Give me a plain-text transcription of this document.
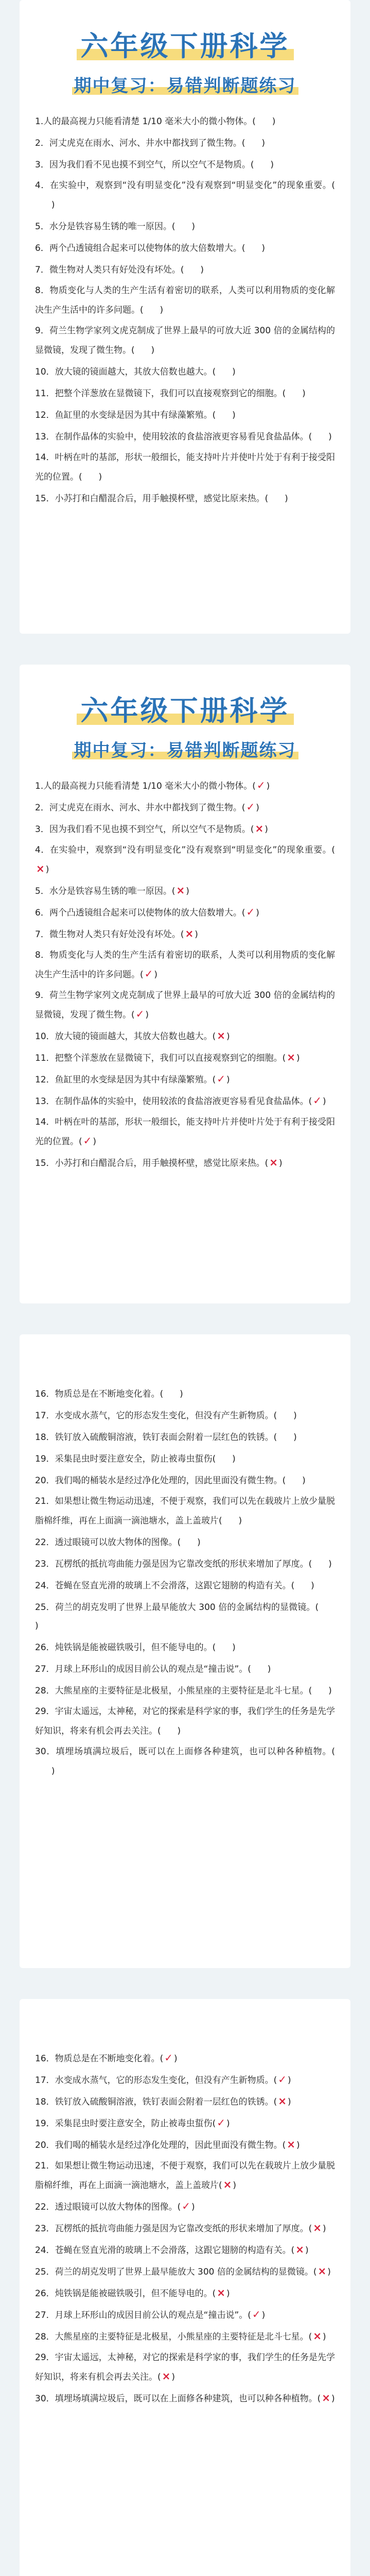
六年级下册科学
期中复习：易错判断题练习

1.人的最高视力只能看清楚 1/10 毫米大小的微小物体。( )

2．河丈虎克在雨水、河水、井水中都找到了微生物。( )

3．因为我们看不见也摸不到空气，所以空气不是物质。( )

4．在实验中，观察到“没有明显变化”没有观察到“明显变化”的现象重要。(    )

5．水分是铁容易生锈的唯一原因。( )

6．两个凸透镜组合起来可以使物体的放大倍数增大。( )

7．微生物对人类只有好处没有坏处。( )

8．物质变化与人类的生产生活有着密切的联系，人类可以利用物质的变化解决生产生活中的许多问题。( )

9．荷兰生物学家列文虎克制成了世界上最早的可放大近 300 倍的金属结构的 显微镜，发现了微生物。( )

10．放大镜的镜面越大，其放大倍数也越大。( )

11．把整个洋葱放在显微镜下，我们可以直接观察到它的细胞。( )

12．鱼缸里的水变绿是因为其中有绿藻繁殖。( )

13．在制作晶体的实验中，使用较浓的食盐溶液更容易看见食盐晶体。( )

14．叶柄在叶的基部，形状一般细长，能支持叶片并使叶片处于有利于接受阳光的位置。( )

15．小苏打和白醋混合后，用手触摸杯壁，感觉比原来热。( )

六年级下册科学
期中复习：易错判断题练习

1.人的最高视力只能看清楚 1/10 毫米大小的微小物体。(✓)

2．河丈虎克在雨水、河水、井水中都找到了微生物。(✓)

3．因为我们看不见也摸不到空气，所以空气不是物质。(×)

4．在实验中，观察到“没有明显变化”没有观察到“明显变化”的现象重要。(×)

5．水分是铁容易生锈的唯一原因。(×)

6．两个凸透镜组合起来可以使物体的放大倍数增大。(✓)

7．微生物对人类只有好处没有坏处。(×)

8．物质变化与人类的生产生活有着密切的联系，人类可以利用物质的变化解决生产生活中的许多问题。(✓)

9．荷兰生物学家列文虎克制成了世界上最早的可放大近 300 倍的金属结构的 显微镜，发现了微生物。(✓)

10．放大镜的镜面越大，其放大倍数也越大。(×)

11．把整个洋葱放在显微镜下，我们可以直接观察到它的细胞。(×)

12．鱼缸里的水变绿是因为其中有绿藻繁殖。(✓)

13．在制作晶体的实验中，使用较浓的食盐溶液更容易看见食盐晶体。(✓)

14．叶柄在叶的基部，形状一般细长，能支持叶片并使叶片处于有利于接受阳光的位置。(✓)

15．小苏打和白醋混合后，用手触摸杯壁，感觉比原来热。(×)

16．物质总是在不断地变化着。( )

17．水变成水蒸气，它的形态发生变化，但没有产生新物质。( )

18．铁钉放入硫酸铜溶液，铁钉表面会附着一层红色的铁锈。( )

19．采集昆虫时要注意安全，防止被毒虫蜇伤( )

20．我们喝的桶装水是经过净化处理的，因此里面没有微生物。( )

21．如果想让微生物运动迅速，不便于观察，我们可以先在载玻片上放少量脱脂棉纤维，再在上面滴一滴池塘水，盖上盖玻片( )

22．透过眼镜可以放大物体的图像。( )

23．瓦楞纸的抵抗弯曲能力强是因为它靠改变纸的形状来增加了厚度。( )

24．苍蝇在竖直光滑的玻璃上不会滑落，这跟它翅膀的构造有关。( )

25．荷兰的胡克发明了世界上最早能放大 300 倍的金属结构的显微镜。(    )

26．炖铁锅是能被磁铁吸引，但不能导电的。( )

27．月球上环形山的成因目前公认的观点是“撞击说”。( )

28．大熊星座的主要特征是北极星，小熊星座的主要特征是北斗七星。( )

29．宇宙太遥远，太神秘，对它的探索是科学家的事，我们学生的任务是先学好知识，将来有机会再去关注。( )

30．填埋场填满垃圾后，既可以在上面修各种建筑，也可以种各种植物。(    )

16．物质总是在不断地变化着。(✓)

17．水变成水蒸气，它的形态发生变化，但没有产生新物质。(✓)

18．铁钉放入硫酸铜溶液，铁钉表面会附着一层红色的铁锈。(×)

19．采集昆虫时要注意安全，防止被毒虫蜇伤(✓)

20．我们喝的桶装水是经过净化处理的，因此里面没有微生物。(×)

21．如果想让微生物运动迅速，不便于观察，我们可以先在载玻片上放少量脱脂棉纤维，再在上面滴一滴池塘水，盖上盖玻片(×)

22．透过眼镜可以放大物体的图像。(✓)

23．瓦楞纸的抵抗弯曲能力强是因为它靠改变纸的形状来增加了厚度。(×)

24．苍蝇在竖直光滑的玻璃上不会滑落，这跟它翅膀的构造有关。(×)

25．荷兰的胡克发明了世界上最早能放大 300 倍的金属结构的显微镜。(×)

26．炖铁锅是能被磁铁吸引，但不能导电的。(×)

27．月球上环形山的成因目前公认的观点是“撞击说”。(✓)

28．大熊星座的主要特征是北极星，小熊星座的主要特征是北斗七星。(×)

29．宇宙太遥远，太神秘，对它的探索是科学家的事，我们学生的任务是先学好知识，将来有机会再去关注。(×)

30．填埋场填满垃圾后，既可以在上面修各种建筑，也可以种各种植物。(×)
